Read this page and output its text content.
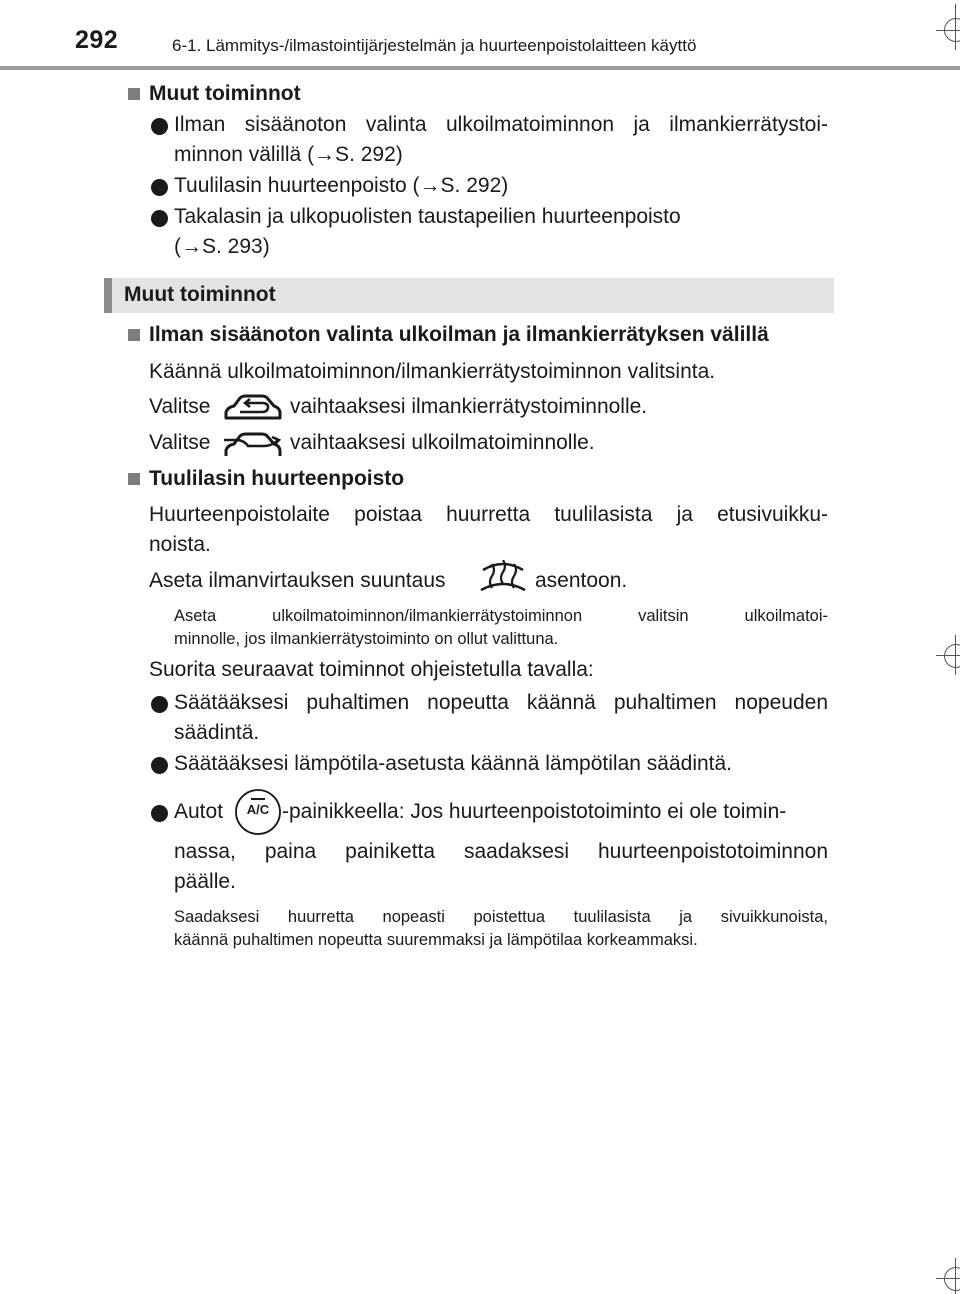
292	6-1. Lämmitys-/ilmastointijärjestelmän ja huurteenpoistolaitteen käyttö
Muut toiminnot
Ilman sisäänoton valinta ulkoilmatoiminnon ja ilmankierrätystoi-
minnon välillä (→S. 292)
Tuulilasin huurteenpoisto (→S. 292)
Takalasin ja ulkopuolisten taustapeilien huurteenpoisto
(→S. 293)
Muut toiminnot
Ilman sisäänoton valinta ulkoilman ja ilmankierrätyksen välillä
Käännä ulkoilmatoiminnon/ilmankierrätystoiminnon valitsinta.
Valitse	vaihtaaksesi ilmankierrätystoiminnolle.
Valitse	vaihtaaksesi ulkoilmatoiminnolle.
Tuulilasin huurteenpoisto
Huurteenpoistolaite poistaa huurretta tuulilasista ja etusivuikku-
noista.
Aseta ilmanvirtauksen suuntaus	asentoon.
Aseta ulkoilmatoiminnon/ilmankierrätystoiminnon valitsin ulkoilmatoi-
minnolle, jos ilmankierrätystoiminto on ollut valittuna.
Suorita seuraavat toiminnot ohjeistetulla tavalla:
Säätääksesi puhaltimen nopeutta käännä puhaltimen nopeuden
säädintä.
Säätääksesi lämpötila-asetusta käännä lämpötilan säädintä.
Autot	A/C -painikkeella: Jos huurteenpoistotoiminto ei ole toimin-
nassa, paina painiketta saadaksesi huurteenpoistotoiminnon
päälle.
Saadaksesi huurretta nopeasti poistettua tuulilasista ja sivuikkunoista,
käännä puhaltimen nopeutta suuremmaksi ja lämpötilaa korkeammaksi.
